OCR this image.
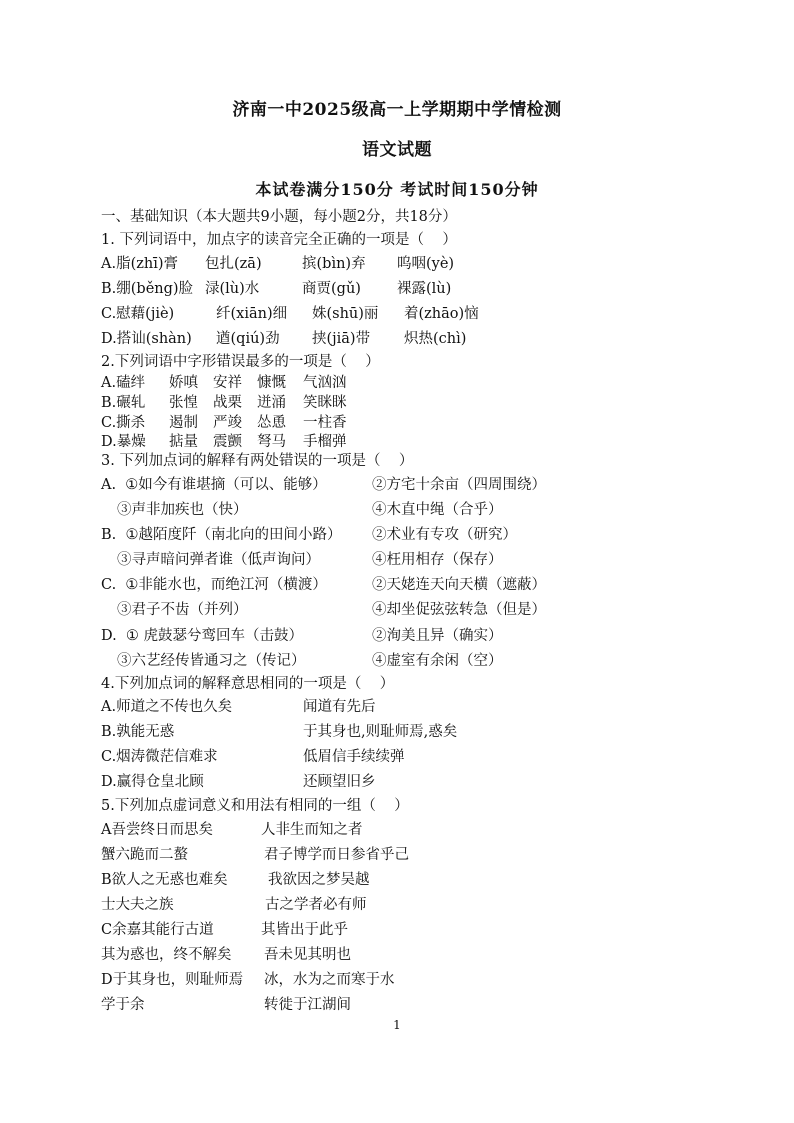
济南一中2025级高一上学期期中学情检测
语文试题
本试卷满分150分 考试时间150分钟
一、基础知识（本大题共9小题，每小题2分，共18分）
1. 下列词语中，加点字的读音完全正确的一项是（    ）
A.脂(zhī)膏 包扎(zā)	摈(bìn)弃 呜咽(yè)
B.绷(běng)脸 渌(lù)水	商贾(gǔ) 裸露(lù)
C.慰藉(jiè)	纤(xiān)细 姝(shū)丽 着(zhāo)恼
D.搭讪(shàn) 遒(qiú)劲 挟(jiā)带 炽热(chì)
2.下列词语中字形错误最多的一项是（    ）
A.磕绊 娇嗔 安祥 慷慨 气汹汹
B.碾轧 张惶 战栗 迸涌 笑眯眯
C.撕杀 遏制 严竣 怂恿 一柱香
D.暴燥 掂量 震颤 弩马 手榴弹
3. 下列加点词的解释有两处错误的一项是（    ）
A.  ①如今有谁堪摘（可以、能够）	②方宅十余亩（四周围绕）
③声非加疾也（快）	④木直中绳（合乎）
B.  ①越陌度阡（南北向的田间小路） ②术业有专攻（研究）
③寻声暗问弹者谁（低声询问）	④枉用相存（保存）
C.  ①非能水也，而绝江河（横渡）	②天姥连天向天横（遮蔽）
③君子不齿（并列）	④却坐促弦弦转急（但是）
D.  ① 虎鼓瑟兮鸾回车（击鼓）	②洵美且异（确实）
③六艺经传皆通习之（传记）	④虚室有余闲（空）
4.下列加点词的解释意思相同的一项是（    ）
A.师道之不传也久矣	闻道有先后
B.孰能无惑	于其身也,则耻师焉,惑矣
C.烟涛微茫信难求	低眉信手续续弹
D.赢得仓皇北顾	还顾望旧乡
5.下列加点虚词意义和用法有相同的一组（    ）
A吾尝终日而思矣	人非生而知之者
蟹六跪而二螯	君子博学而日参省乎己
B欲人之无惑也难矣	我欲因之梦吴越
士大夫之族	古之学者必有师
C余嘉其能行古道	其皆出于此乎
其为惑也，终不解矣 吾未见其明也
D于其身也，则耻师焉 冰，水为之而寒于水
学于余	转徙于江湖间
1
